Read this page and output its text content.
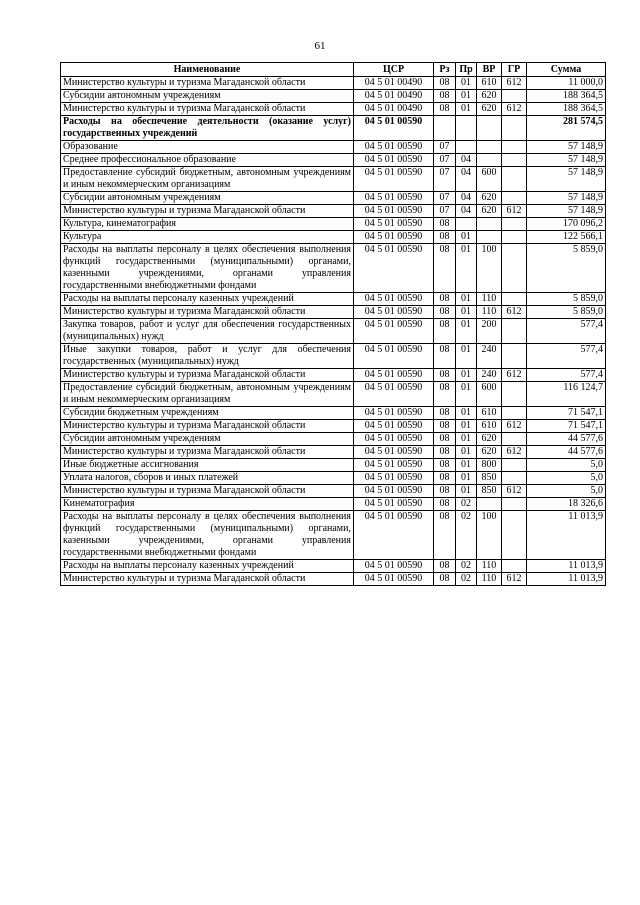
61
Наименование	ЦСР	Рз	Пр	ВР	ГР	Сумма
Министерство культуры и туризма Магаданской области	04 5 01 00490	08	01	610	612	11 000,0
Субсидии автономным учреждениям	04 5 01 00490	08	01	620		188 364,5
Министерство культуры и туризма Магаданской области	04 5 01 00490	08	01	620	612	188 364,5
Расходы на обеспечение деятельности (оказание услуг) государственных учреждений	04 5 01 00590					281 574,5
Образование	04 5 01 00590	07				57 148,9
Среднее профессиональное образование	04 5 01 00590	07	04			57 148,9
Предоставление субсидий бюджетным, автономным учреждениям и иным некоммерческим организациям	04 5 01 00590	07	04	600		57 148,9
Субсидии автономным учреждениям	04 5 01 00590	07	04	620		57 148,9
Министерство культуры и туризма Магаданской области	04 5 01 00590	07	04	620	612	57 148,9
Культура, кинематография	04 5 01 00590	08				170 096,2
Культура	04 5 01 00590	08	01			122 566,1
Расходы на выплаты персоналу в целях обеспечения выполнения функций государственными (муниципальными) органами, казенными учреждениями, органами управления государственными внебюджетными фондами	04 5 01 00590	08	01	100		5 859,0
Расходы на выплаты персоналу казенных учреждений	04 5 01 00590	08	01	110		5 859,0
Министерство культуры и туризма Магаданской области	04 5 01 00590	08	01	110	612	5 859,0
Закупка товаров, работ и услуг для обеспечения государственных (муниципальных) нужд	04 5 01 00590	08	01	200		577,4
Иные закупки товаров, работ и услуг для обеспечения государственных (муниципальных) нужд	04 5 01 00590	08	01	240		577,4
Министерство культуры и туризма Магаданской области	04 5 01 00590	08	01	240	612	577,4
Предоставление субсидий бюджетным, автономным учреждениям и иным некоммерческим организациям	04 5 01 00590	08	01	600		116 124,7
Субсидии бюджетным учреждениям	04 5 01 00590	08	01	610		71 547,1
Министерство культуры и туризма Магаданской области	04 5 01 00590	08	01	610	612	71 547,1
Субсидии автономным учреждениям	04 5 01 00590	08	01	620		44 577,6
Министерство культуры и туризма Магаданской области	04 5 01 00590	08	01	620	612	44 577,6
Иные бюджетные ассигнования	04 5 01 00590	08	01	800		5,0
Уплата налогов, сборов и иных платежей	04 5 01 00590	08	01	850		5,0
Министерство культуры и туризма Магаданской области	04 5 01 00590	08	01	850	612	5,0
Кинематография	04 5 01 00590	08	02			18 326,6
Расходы на выплаты персоналу в целях обеспечения выполнения функций государственными (муниципальными) органами, казенными учреждениями, органами управления государственными внебюджетными фондами	04 5 01 00590	08	02	100		11 013,9
Расходы на выплаты персоналу казенных учреждений	04 5 01 00590	08	02	110		11 013,9
Министерство культуры и туризма Магаданской области	04 5 01 00590	08	02	110	612	11 013,9
